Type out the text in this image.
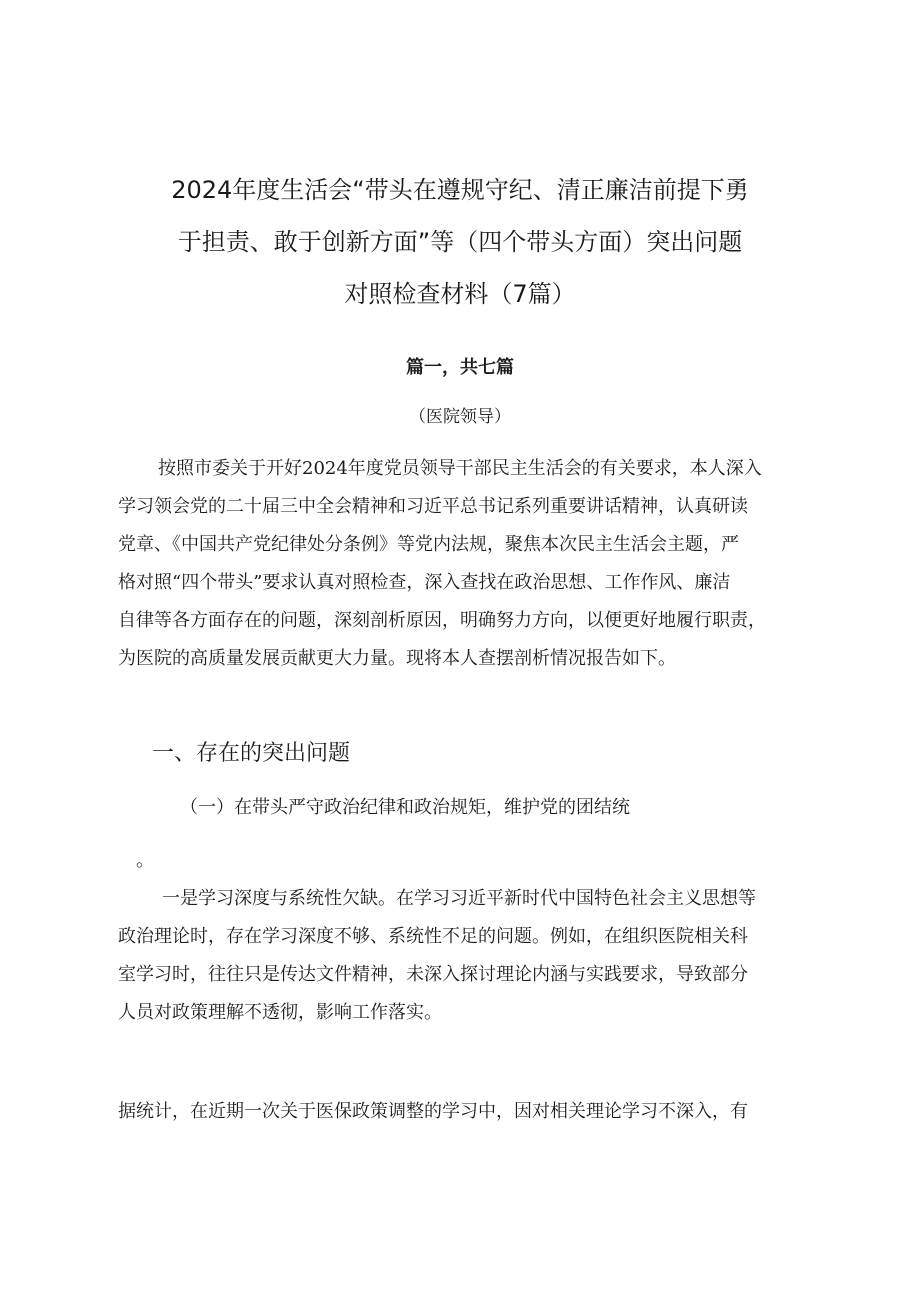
2024年度生活会“带头在遵规守纪、清正廉洁前提下勇
于担责、敢于创新方面”等（四个带头方面）突出问题
对照检查材料（7篇）
篇一，共七篇
（医院领导）
按照市委关于开好2024年度党员领导干部民主生活会的有关要求，本人深入
学习领会党的二十届三中全会精神和习近平总书记系列重要讲话精神，认真研读
党章、《中国共产党纪律处分条例》等党内法规，聚焦本次民主生活会主题，严
格对照“四个带头”要求认真对照检查，深入查找在政治思想、工作作风、廉洁
自律等各方面存在的问题，深刻剖析原因，明确努力方向，以便更好地履行职责，
为医院的高质量发展贡献更大力量。现将本人查摆剖析情况报告如下。
一、存在的突出问题
（一）在带头严守政治纪律和政治规矩，维护党的团结统
。
一是学习深度与系统性欠缺。在学习习近平新时代中国特色社会主义思想等
政治理论时，存在学习深度不够、系统性不足的问题。例如，在组织医院相关科
室学习时，往往只是传达文件精神，未深入探讨理论内涵与实践要求，导致部分
人员对政策理解不透彻，影响工作落实。
据统计，在近期一次关于医保政策调整的学习中，因对相关理论学习不深入，有
